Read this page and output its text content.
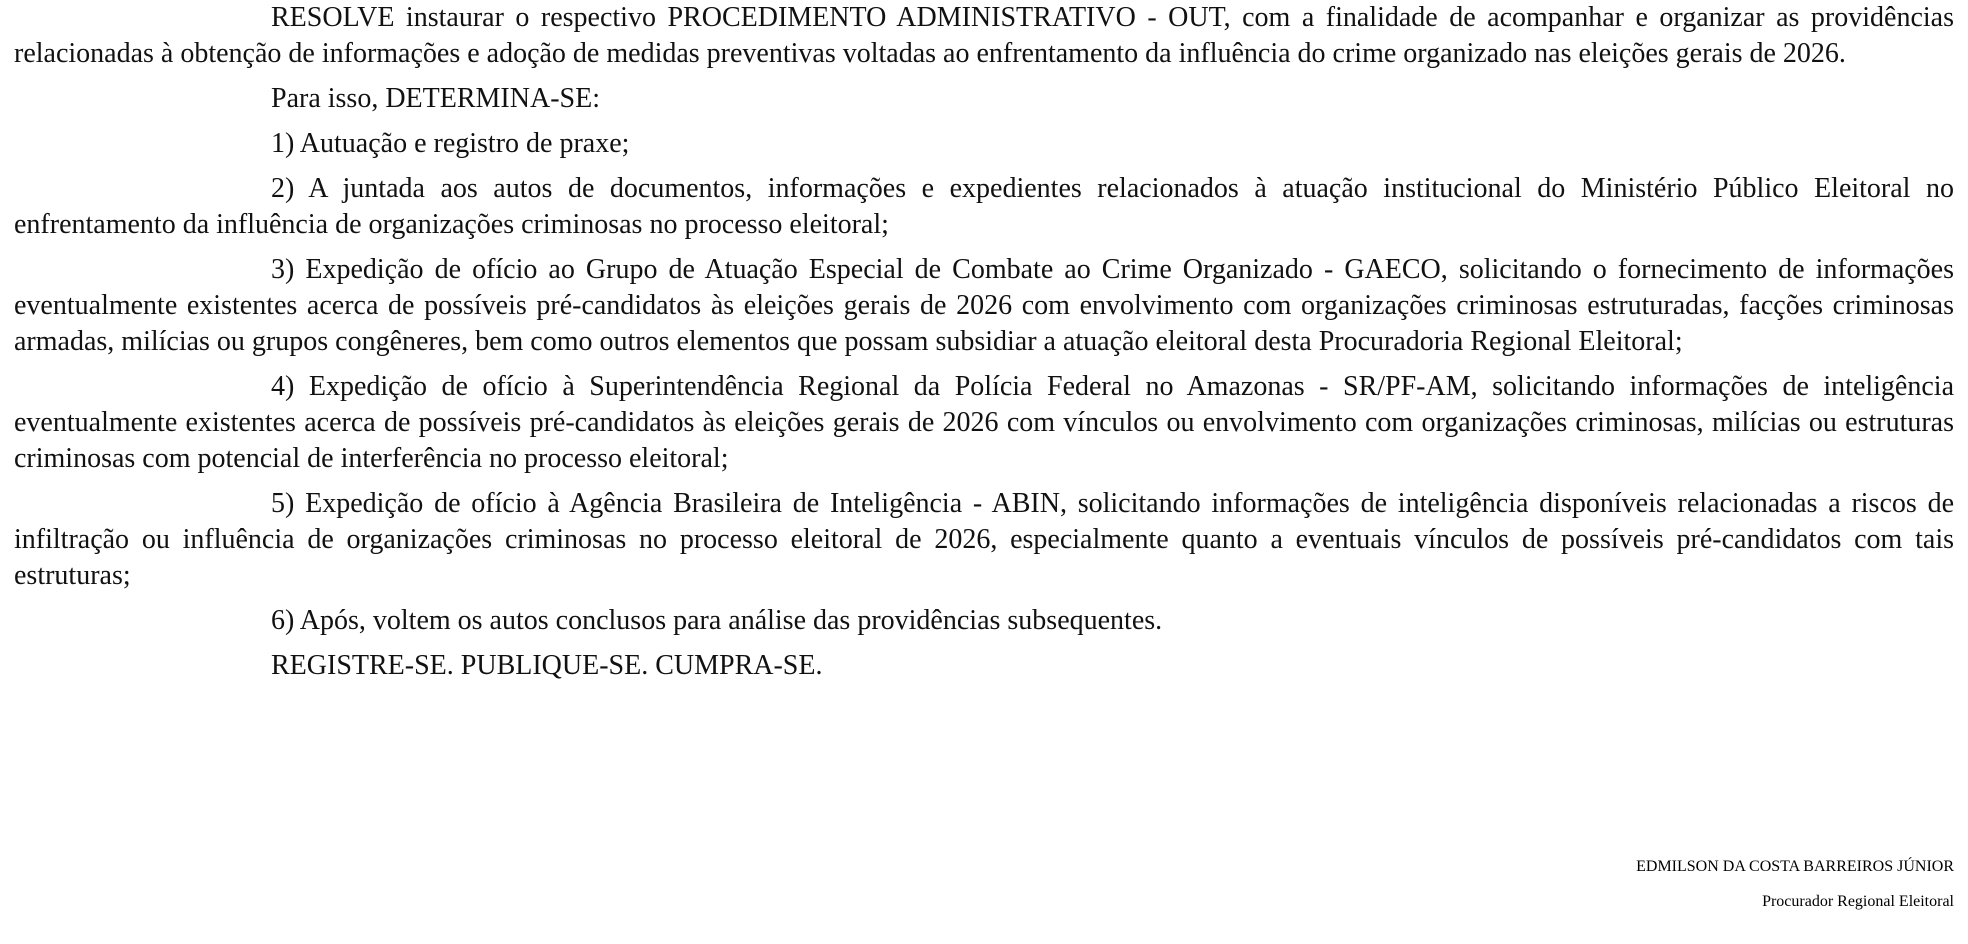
RESOLVE instaurar o respectivo PROCEDIMENTO ADMINISTRATIVO - OUT, com a finalidade de acompanhar e organizar as providências relacionadas à obtenção de informações e adoção de medidas preventivas voltadas ao enfrentamento da influência do crime organizado nas eleições gerais de 2026.

Para isso, DETERMINA-SE:

1) Autuação e registro de praxe;

2) A juntada aos autos de documentos, informações e expedientes relacionados à atuação institucional do Ministério Público Eleitoral no enfrentamento da influência de organizações criminosas no processo eleitoral;

3) Expedição de ofício ao Grupo de Atuação Especial de Combate ao Crime Organizado - GAECO, solicitando o fornecimento de informações eventualmente existentes acerca de possíveis pré-candidatos às eleições gerais de 2026 com envolvimento com organizações criminosas estruturadas, facções criminosas armadas, milícias ou grupos congêneres, bem como outros elementos que possam subsidiar a atuação eleitoral desta Procuradoria Regional Eleitoral;

4) Expedição de ofício à Superintendência Regional da Polícia Federal no Amazonas - SR/PF-AM, solicitando informações de inteligência eventualmente existentes acerca de possíveis pré-candidatos às eleições gerais de 2026 com vínculos ou envolvimento com organizações criminosas, milícias ou estruturas criminosas com potencial de interferência no processo eleitoral;

5) Expedição de ofício à Agência Brasileira de Inteligência - ABIN, solicitando informações de inteligência disponíveis relacionadas a riscos de infiltração ou influência de organizações criminosas no processo eleitoral de 2026, especialmente quanto a eventuais vínculos de possíveis pré-candidatos com tais estruturas;

6) Após, voltem os autos conclusos para análise das providências subsequentes.

REGISTRE-SE. PUBLIQUE-SE. CUMPRA-SE.

EDMILSON DA COSTA BARREIROS JÚNIOR
Procurador Regional Eleitoral
